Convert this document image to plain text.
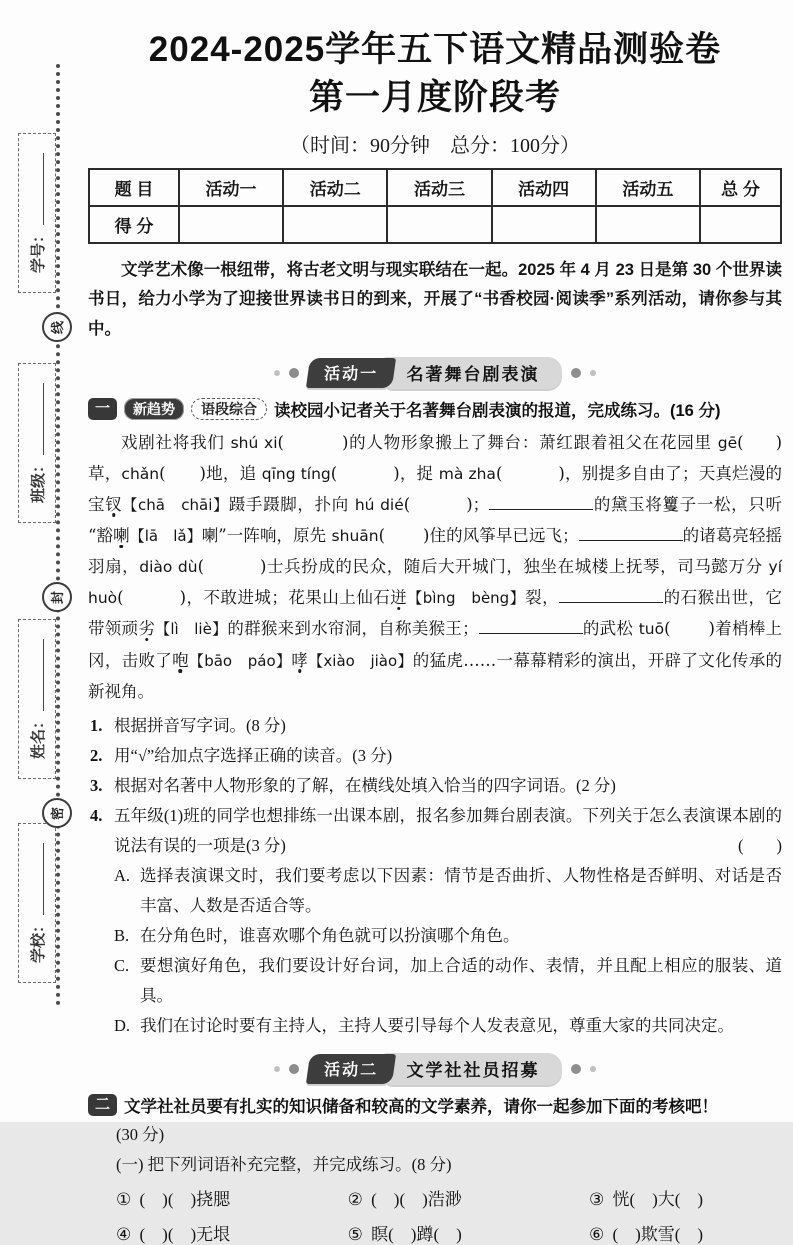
学号：
线
班级：
封
姓名：
密
学校：
2024-2025学年五下语文精品测验卷
第一月度阶段考
（时间：90分钟　总分：100分）
题 目	活动一	活动二	活动三	活动四	活动五	总 分
得 分						

文学艺术像一根纽带，将古老文明与现实联结在一起。2025 年 4 月 23 日是第 30 个世界读书日，给力小学为了迎接世界读书日的到来，开展了“书香校园·阅读季”系列活动，请你参与其中。

活动一	名著舞台剧表演
一	新趋势	语段综合	读校园小记者关于名著舞台剧表演的报道，完成练习。(16 分)

戏剧社将我们 shú xi(	)的人物形象搬上了舞台：萧红跟着祖父在花园里 gē( )草，chǎn( )地，追 qīng tíng(	)，捉 mà zha(	)，别提多自由了；天真烂漫的宝钗【chā　chāi】蹑手蹑脚，扑向 hú dié(	)；	的黛玉将籰子一松，只听“豁喇【lā　lǎ】喇”一阵响，原先 shuān( )住的风筝早已远飞；	的诸葛亮轻摇羽扇，diào dù(	)士兵扮成的民众，随后大开城门，独坐在城楼上抚琴，司马懿万分 yí huò(	)，不敢进城；花果山上仙石迸【bìng　bèng】裂，	的石猴出世，它带领顽劣【lì　liè】的群猴来到水帘洞，自称美猴王；	的武松 tuō( )着梢棒上冈，击败了咆【bāo　páo】哮【xiào　jiào】的猛虎……一幕幕精彩的演出，开辟了文化传承的新视角。

1. 根据拼音写字词。(8 分)
2. 用“√”给加点字选择正确的读音。(3 分)
3. 根据对名著中人物形象的了解，在横线处填入恰当的四字词语。(2 分)
4. 五年级(1)班的同学也想排练一出课本剧，报名参加舞台剧表演。下列关于怎么表演课本剧的说法有误的一项是(3 分)	(　　)
A. 选择表演课文时，我们要考虑以下因素：情节是否曲折、人物性格是否鲜明、对话是否丰富、人数是否适合等。
B. 在分角色时，谁喜欢哪个角色就可以扮演哪个角色。
C. 要想演好角色，我们要设计好台词，加上合适的动作、表情，并且配上相应的服装、道具。
D. 我们在讨论时要有主持人，主持人要引导每个人发表意见，尊重大家的共同决定。
活动二	文学社社员招募
二 文学社社员要有扎实的知识储备和较高的文学素养，请你一起参加下面的考核吧！
(30 分)
(一) 把下列词语补充完整，并完成练习。(8 分)
① (　)(　)挠腮	② (　)(　)浩渺	③ 恍(　)大(　)
④ (　)(　)无垠	⑤ 瞑(　)蹲(　)	⑥ (　)欺雪(　)
